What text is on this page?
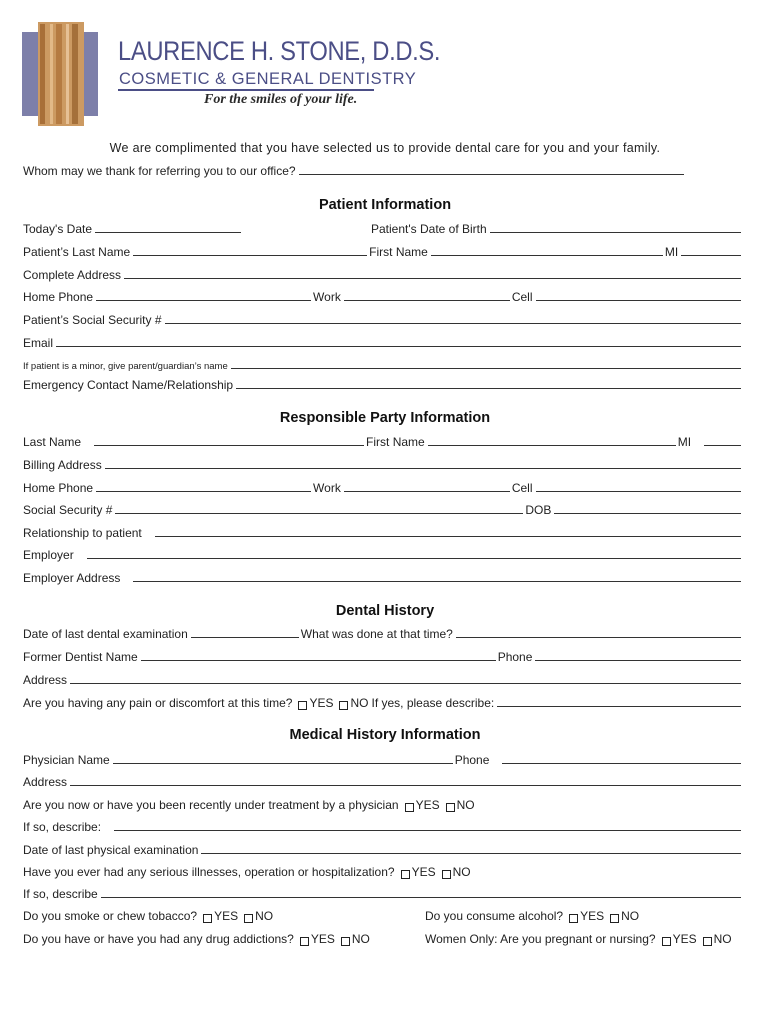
LAURENCE H. STONE, D.D.S.
COSMETIC & GENERAL DENTISTRY
For the smiles of your life.
We are complimented that you have selected us to provide dental care for you and your family.
Whom may we thank for referring you to our office?
Patient Information
Today's Date	Patient's Date of Birth
Patient’s Last Name	First Name	MI
Complete Address
Home Phone	Work	Cell
Patient’s Social Security #
Email
If patient is a minor, give parent/guardian’s name
Emergency Contact Name/Relationship
Responsible Party Information
Last Name	First Name	MI
Billing Address
Home Phone	Work	Cell
Social Security #	DOB
Relationship to patient
Employer
Employer Address
Dental History
Date of last dental examination	What was done at that time?
Former Dentist Name	Phone
Address
Are you having any pain or discomfort at this time? YES NO If yes, please describe:
Medical History Information
Physician Name	Phone
Address
Are you now or have you been recently under treatment by a physician YES NO
If so, describe:
Date of last physical examination
Have you ever had any serious illnesses, operation or hospitalization? YES NO
If so, describe
Do you smoke or chew tobacco? YES NO	Do you consume alcohol? YES NO
Do you have or have you had any drug addictions? YES NO	Women Only: Are you pregnant or nursing? YES NO
